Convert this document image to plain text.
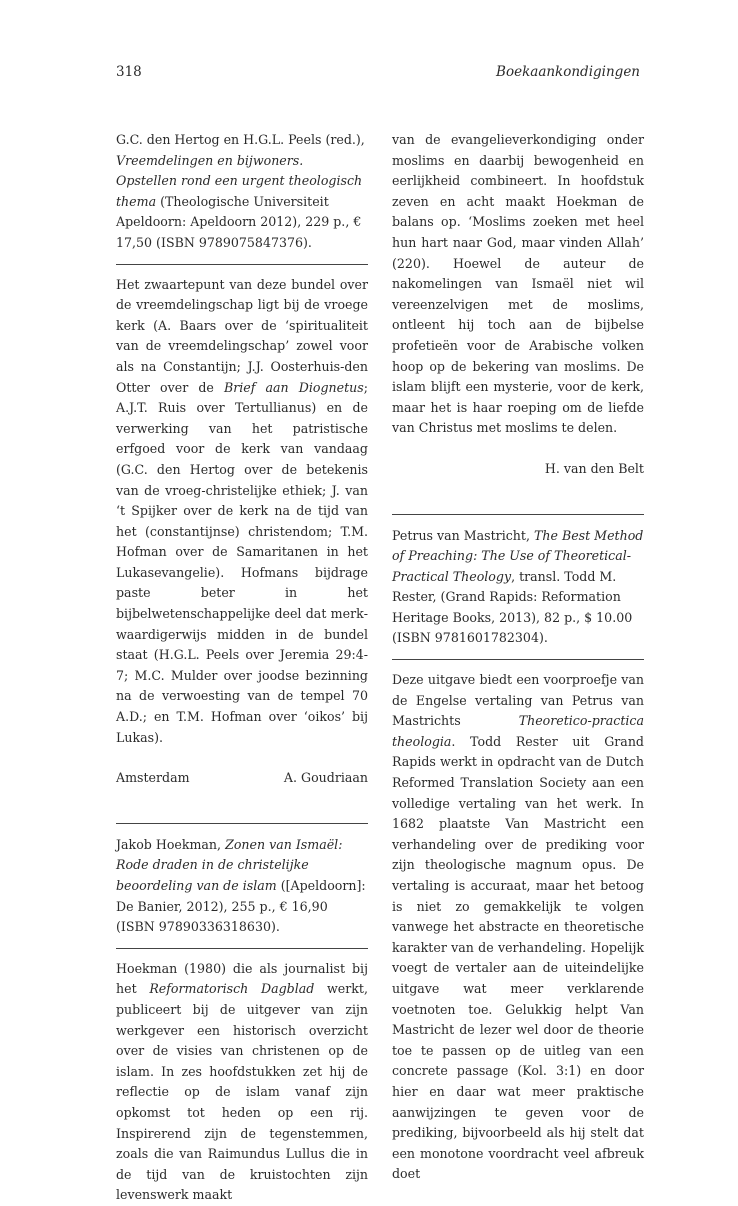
318	Boekaankondigingen

G.C. den Hertog en H.G.L. Peels (red.), Vreemdelingen en bijwoners. Opstellen rond een urgent theologisch thema (Theologische Universiteit Apeldoorn: Apeldoorn 2012), 229 p., € 17,50 (ISBN 9789075847376).

Het zwaartepunt van deze bundel over de vreemdelingschap ligt bij de vroege kerk (A. Baars over de ‘spiritualiteit van de vreemdelingschap’ zowel voor als na Constantijn; J.J. Oosterhuis-den Otter over de Brief aan Diognetus; A.J.T. Ruis over Tertullianus) en de verwerking van het patristische erfgoed voor de kerk van vandaag (G.C. den Hertog over de betekenis van de vroeg-christelijke ethiek; J. van ‘t Spijker over de kerk na de tijd van het (constantijnse) christendom; T.M. Hofman over de Samaritanen in het Lukasevangelie). Hofmans bijdrage paste beter in het bijbelwetenschappelijke deel dat merkwaardigerwijs midden in de bundel staat (H.G.L. Peels over Jeremia 29:4-7; M.C. Mulder over joodse bezinning na de verwoesting van de tempel 70 A.D.; en T.M. Hofman over ‘oikos’ bij Lukas).

Amsterdam	A. Goudriaan

Jakob Hoekman, Zonen van Ismaël: Rode draden in de christelijke beoordeling van de islam ([Apeldoorn]: De Banier, 2012), 255 p., € 16,90 (ISBN 97890336318630).

Hoekman (1980) die als journalist bij het Reformatorisch Dagblad werkt, publiceert bij de uitgever van zijn werkgever een historisch overzicht over de visies van christenen op de islam. In zes hoofdstukken zet hij de reflectie op de islam vanaf zijn opkomst tot heden op een rij. Inspirerend zijn de tegenstemmen, zoals die van Raimundus Lullus die in de tijd van de kruistochten zijn levenswerk maakt

van de evangelieverkondiging onder moslims en daarbij bewogenheid en eerlijkheid combineert. In hoofdstuk zeven en acht maakt Hoekman de balans op. ‘Moslims zoeken met heel hun hart naar God, maar vinden Allah’ (220). Hoewel de auteur de nakomelingen van Ismaël niet wil vereenzelvigen met de moslims, ontleent hij toch aan de bijbelse profetieën voor de Arabische volken hoop op de bekering van moslims. De islam blijft een mysterie, voor de kerk, maar het is haar roeping om de liefde van Christus met moslims te delen.

H. van den Belt

Petrus van Mastricht, The Best Method of Preaching: The Use of Theoretical-Practical Theology, transl. Todd M. Rester, (Grand Rapids: Reformation Heritage Books, 2013), 82 p., $ 10.00 (ISBN 9781601782304).

Deze uitgave biedt een voorproefje van de Engelse vertaling van Petrus van Mastrichts	Theoretico-practica theologia. Todd Rester uit Grand Rapids werkt in opdracht van de Dutch Reformed Translation Society aan een volledige vertaling van het werk. In 1682 plaatste Van Mastricht een verhandeling over de prediking voor zijn theologische magnum opus. De vertaling is accuraat, maar het betoog is niet zo gemakkelijk te volgen vanwege het abstracte en theoretische karakter van de verhandeling. Hopelijk voegt de vertaler aan de uiteindelijke uitgave wat meer verklarende voetnoten toe. Gelukkig helpt Van Mastricht de lezer wel door de theorie toe te passen op de uitleg van een concrete passage (Kol. 3:1) en door hier en daar wat meer praktische aanwijzingen te geven voor de prediking, bijvoorbeeld als hij stelt dat een monotone voordracht veel afbreuk doet
